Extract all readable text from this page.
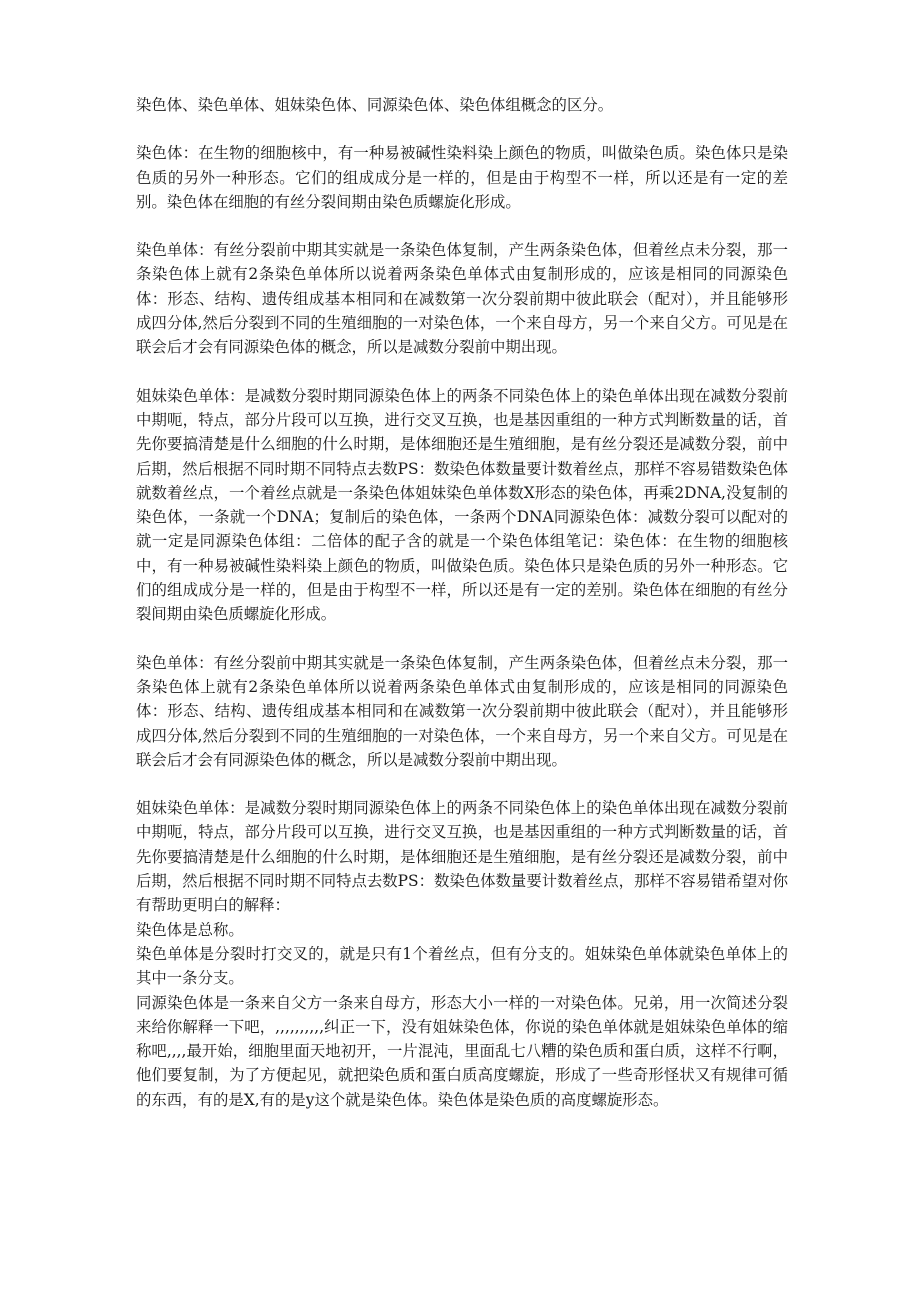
染色体、染色单体、姐妹染色体、同源染色体、染色体组概念的区分。

染色体：在生物的细胞核中，有一种易被碱性染料染上颜色的物质，叫做染色质。染色体只是染色质的另外一种形态。它们的组成成分是一样的，但是由于构型不一样，所以还是有一定的差别。染色体在细胞的有丝分裂间期由染色质螺旋化形成。

染色单体：有丝分裂前中期其实就是一条染色体复制，产生两条染色体，但着丝点未分裂，那一条染色体上就有2条染色单体所以说着两条染色单体式由复制形成的，应该是相同的同源染色体：形态、结构、遗传组成基本相同和在减数第一次分裂前期中彼此联会（配对），并且能够形成四分体,然后分裂到不同的生殖细胞的一对染色体，一个来自母方，另一个来自父方。可见是在联会后才会有同源染色体的概念，所以是减数分裂前中期出现。

姐妹染色单体：是减数分裂时期同源染色体上的两条不同染色体上的染色单体出现在减数分裂前中期呃，特点，部分片段可以互换，进行交叉互换，也是基因重组的一种方式判断数量的话，首先你要搞清楚是什么细胞的什么时期，是体细胞还是生殖细胞，是有丝分裂还是减数分裂，前中后期，然后根据不同时期不同特点去数PS：数染色体数量要计数着丝点，那样不容易错数染色体就数着丝点，一个着丝点就是一条染色体姐妹染色单体数X形态的染色体，再乘2DNA,没复制的染色体，一条就一个DNA；复制后的染色体，一条两个DNA同源染色体：减数分裂可以配对的就一定是同源染色体组：二倍体的配子含的就是一个染色体组笔记：染色体：在生物的细胞核中，有一种易被碱性染料染上颜色的物质，叫做染色质。染色体只是染色质的另外一种形态。它们的组成成分是一样的，但是由于构型不一样，所以还是有一定的差别。染色体在细胞的有丝分裂间期由染色质螺旋化形成。

染色单体：有丝分裂前中期其实就是一条染色体复制，产生两条染色体，但着丝点未分裂，那一条染色体上就有2条染色单体所以说着两条染色单体式由复制形成的，应该是相同的同源染色体：形态、结构、遗传组成基本相同和在减数第一次分裂前期中彼此联会（配对），并且能够形成四分体,然后分裂到不同的生殖细胞的一对染色体，一个来自母方，另一个来自父方。可见是在联会后才会有同源染色体的概念，所以是减数分裂前中期出现。

姐妹染色单体：是减数分裂时期同源染色体上的两条不同染色体上的染色单体出现在减数分裂前中期呃，特点，部分片段可以互换，进行交叉互换，也是基因重组的一种方式判断数量的话，首先你要搞清楚是什么细胞的什么时期，是体细胞还是生殖细胞，是有丝分裂还是减数分裂，前中后期，然后根据不同时期不同特点去数PS：数染色体数量要计数着丝点，那样不容易错希望对你有帮助更明白的解释：

染色体是总称。

染色单体是分裂时打交叉的，就是只有1个着丝点，但有分支的。姐妹染色单体就染色单体上的其中一条分支。

同源染色体是一条来自父方一条来自母方，形态大小一样的一对染色体。兄弟，用一次简述分裂来给你解释一下吧，,,,,,,,,,,纠正一下，没有姐妹染色体，你说的染色单体就是姐妹染色单体的缩称吧,,,,最开始，细胞里面天地初开，一片混沌，里面乱七八糟的染色质和蛋白质，这样不行啊，他们要复制，为了方便起见，就把染色质和蛋白质高度螺旋，形成了一些奇形怪状又有规律可循的东西，有的是X,有的是y这个就是染色体。染色体是染色质的高度螺旋形态。
